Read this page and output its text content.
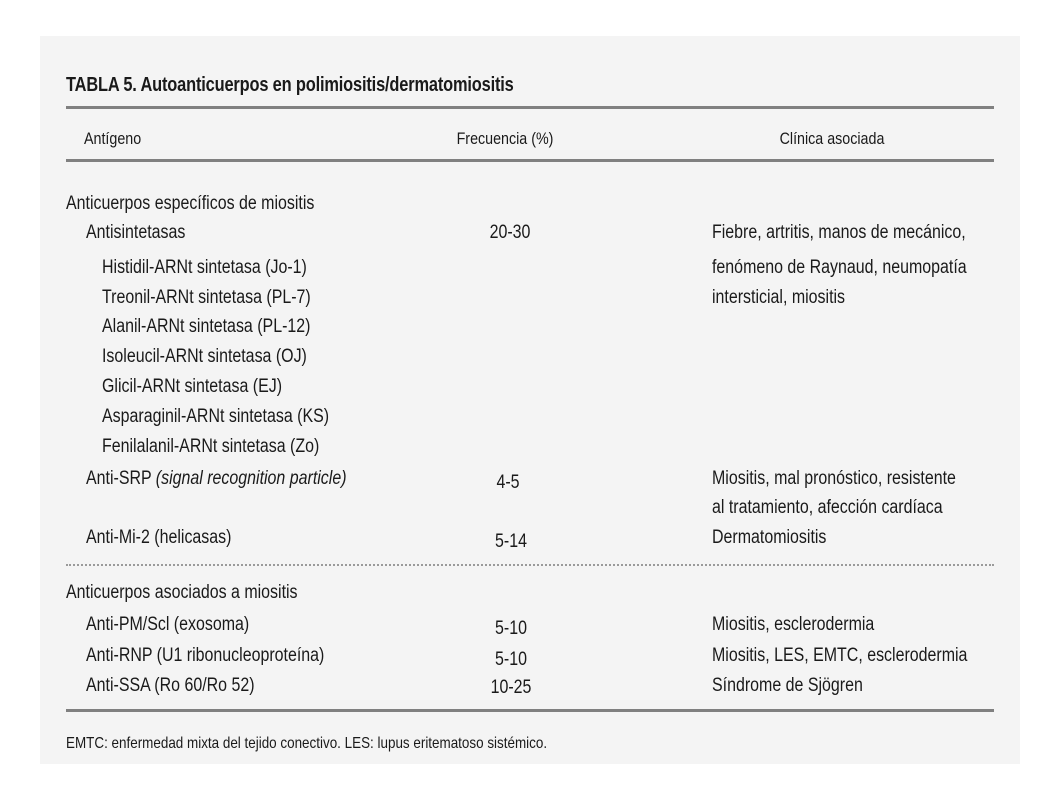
TABLA 5. Autoanticuerpos en polimiositis/dermatomiositis
Antígeno	Frecuencia (%)	Clínica asociada
Anticuerpos específicos de miositis
Antisintetasas	20-30	Fiebre, artritis, manos de mecánico,
fenómeno de Raynaud, neumopatía
intersticial, miositis
Histidil-ARNt sintetasa (Jo-1)
Treonil-ARNt sintetasa (PL-7)
Alanil-ARNt sintetasa (PL-12)
Isoleucil-ARNt sintetasa (OJ)
Glicil-ARNt sintetasa (EJ)
Asparaginil-ARNt sintetasa (KS)
Fenilalanil-ARNt sintetasa (Zo)
Anti-SRP (signal recognition particle)	4-5	Miositis, mal pronóstico, resistente
al tratamiento, afección cardíaca
Anti-Mi-2 (helicasas)	5-14	Dermatomiositis
Anticuerpos asociados a miositis
Anti-PM/Scl (exosoma)	5-10	Miositis, esclerodermia
Anti-RNP (U1 ribonucleoproteína)	5-10	Miositis, LES, EMTC, esclerodermia
Anti-SSA (Ro 60/Ro 52)	10-25	Síndrome de Sjögren
EMTC: enfermedad mixta del tejido conectivo. LES: lupus eritematoso sistémico.
